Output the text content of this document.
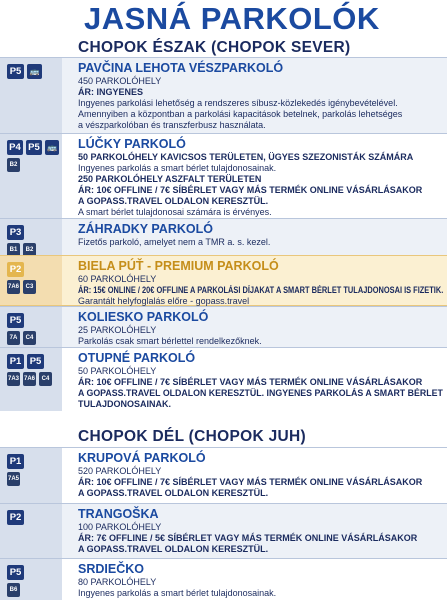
JASNÁ PARKOLÓK
CHOPOK ÉSZAK (CHOPOK SEVER)
P5	🚌	PAVČINA LEHOTA VÉSZPARKOLÓ
450 PARKOLÓHELY
ÁR: INGYENES
Ingyenes parkolási lehetőség a rendszeres síbusz-közlekedés igénybevételével.
Amennyiben a központban a parkolási kapacitások betelnek, parkolás lehetséges
a vészparkolóban és transzferbusz használata.
P4 P5 🚌
B2
LÚČKY PARKOLÓ
50 PARKOLÓHELY KAVICSOS TERÜLETEN, ÜGYES SZEZONISTÁK SZÁMÁRA
Ingyenes parkolás a smart bérlet tulajdonosainak.
250 PARKOLÓHELY ASZFALT TERÜLETEN
ÁR: 10€ OFFLINE / 7€ SÍBÉRLET VAGY MÁS TERMÉK ONLINE VÁSÁRLÁSAKOR
A GOPASS.TRAVEL OLDALON KERESZTÜL.
A smart bérlet tulajdonosai számára is érvényes.
P3
B1	B2
ZÁHRADKY PARKOLÓ
Fizetős parkoló, amelyet nem a TMR a. s. kezel.
P2
7A6	C3
BIELA PÚŤ - PREMIUM PARKOLÓ
60 PARKOLÓHELY
ÁR: 15€ ONLINE / 20€ OFFLINE A PARKOLÁSI DÍJAKAT A SMART BÉRLET TULAJDONOSAI IS FIZETIK.
Garantált helyfoglalás előre - gopass.travel
P5
7A	C4
KOLIESKO PARKOLÓ
25 PARKOLÓHELY
Parkolás csak smart bérlettel rendelkezőknek.
P1 P5
7A3 7A6	C4
OTUPNÉ PARKOLÓ
50 PARKOLÓHELY
ÁR: 10€ OFFLINE / 7€ SÍBÉRLET VAGY MÁS TERMÉK ONLINE VÁSÁRLÁSAKOR
A GOPASS.TRAVEL OLDALON KERESZTÜL. INGYENES PARKOLÁS A SMART BÉRLET
TULAJDONOSAINAK.
CHOPOK DÉL (CHOPOK JUH)
P1
7A5
KRUPOVÁ PARKOLÓ
520 PARKOLÓHELY
ÁR: 10€ OFFLINE / 7€ SÍBÉRLET VAGY MÁS TERMÉK ONLINE VÁSÁRLÁSAKOR
A GOPASS.TRAVEL OLDALON KERESZTÜL.
P2	TRANGOŠKA
100 PARKOLÓHELY
ÁR: 7€ OFFLINE / 5€ SÍBÉRLET VAGY MÁS TERMÉK ONLINE VÁSÁRLÁSAKOR
A GOPASS.TRAVEL OLDALON KERESZTÜL.
P5
B6
SRDIEČKO
80 PARKOLÓHELY
Ingyenes parkolás a smart bérlet tulajdonosainak.
